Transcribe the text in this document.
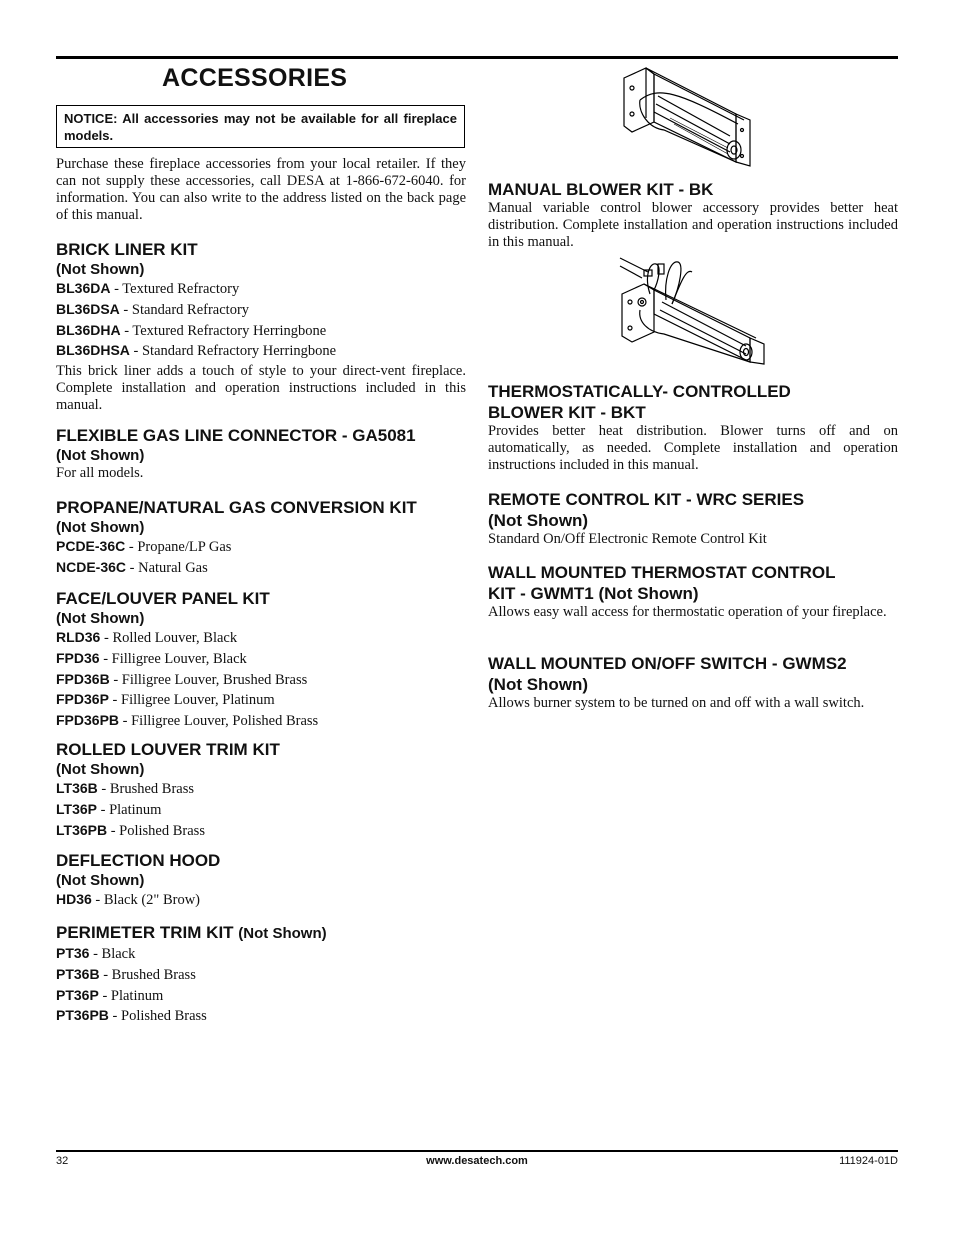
ACCESSORIES
NOTICE: All accessories may not be available for all fireplace models.

Purchase these fireplace accessories from your local retailer. If they can not supply these accessories, call DESA at 1-866-672-6040. for information. You can also write to the address listed on the back page of this manual.

BRICK LINER KIT

(Not Shown)

BL36DA - Textured Refractory

BL36DSA - Standard Refractory

BL36DHA - Textured Refractory Herringbone

BL36DHSA - Standard Refractory Herringbone

This brick liner adds a touch of style to your direct-vent fireplace. Complete installation and operation instructions included in this manual.

FLEXIBLE GAS LINE CONNECTOR - GA5081

(Not Shown)

For all models.

PROPANE/NATURAL GAS CONVERSION KIT

(Not Shown)

PCDE-36C - Propane/LP Gas

NCDE-36C - Natural Gas

FACE/LOUVER PANEL KIT

(Not Shown)

RLD36 - Rolled Louver, Black

FPD36 - Filligree Louver, Black

FPD36B - Filligree Louver, Brushed Brass

FPD36P - Filligree Louver, Platinum

FPD36PB - Filligree Louver, Polished Brass

ROLLED LOUVER TRIM KIT

(Not Shown)

LT36B - Brushed Brass

LT36P - Platinum

LT36PB - Polished Brass

DEFLECTION HOOD

(Not Shown)

HD36 - Black (2" Brow)

PERIMETER TRIM KIT (Not Shown)

PT36 - Black

PT36B - Brushed Brass

PT36P - Platinum

PT36PB - Polished Brass

MANUAL BLOWER KIT - BK

Manual variable control blower accessory provides better heat distribution. Complete installation and operation instructions included in this manual.

THERMOSTATICALLY- CONTROLLED

BLOWER KIT - BKT

Provides better heat distribution. Blower turns off and on automatically, as needed. Complete installation and operation instructions included in this manual.

REMOTE CONTROL KIT - WRC SERIES

(Not Shown)

Standard On/Off Electronic Remote Control Kit

WALL MOUNTED THERMOSTAT CONTROL

KIT - GWMT1 (Not Shown)

Allows easy wall access for thermostatic operation of your fireplace.

WALL MOUNTED ON/OFF SWITCH - GWMS2

(Not Shown)

Allows burner system to be turned on and off with a wall switch.

32	www.desatech.com	111924-01D
